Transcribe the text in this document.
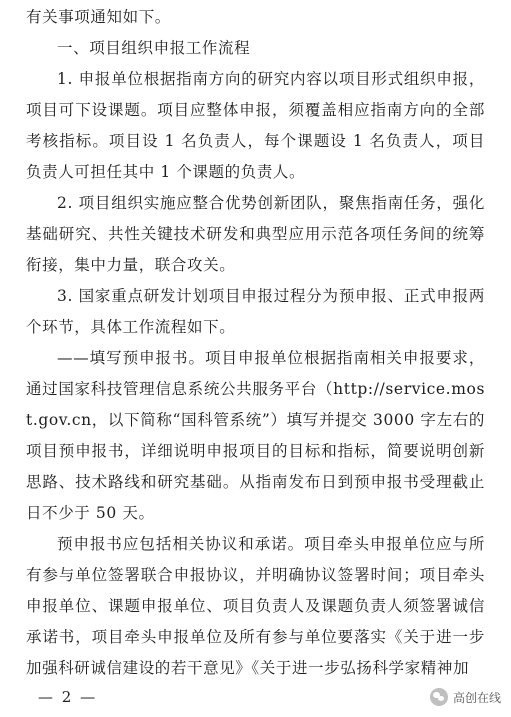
有关事项通知如下。

一、项目组织申报工作流程

1. 申报单位根据指南方向的研究内容以项目形式组织申报，项目可下设课题。项目应整体申报，须覆盖相应指南方向的全部考核指标。项目设 1 名负责人，每个课题设 1 名负责人，项目负责人可担任其中 1 个课题的负责人。

2. 项目组织实施应整合优势创新团队，聚焦指南任务，强化基础研究、共性关键技术研发和典型应用示范各项任务间的统筹衔接，集中力量，联合攻关。

3. 国家重点研发计划项目申报过程分为预申报、正式申报两个环节，具体工作流程如下。

——填写预申报书。项目申报单位根据指南相关申报要求，通过国家科技管理信息系统公共服务平台（http://service.most.gov.cn，以下简称“国科管系统”）填写并提交 3000 字左右的项目预申报书，详细说明申报项目的目标和指标，简要说明创新思路、技术路线和研究基础。从指南发布日到预申报书受理截止日不少于 50 天。

预申报书应包括相关协议和承诺。项目牵头申报单位应与所有参与单位签署联合申报协议，并明确协议签署时间；项目牵头申报单位、课题申报单位、项目负责人及课题负责人须签署诚信承诺书，项目牵头申报单位及所有参与单位要落实《关于进一步加强科研诚信建设的若干意见》《关于进一步弘扬科学家精神加

— 2 —	高创在线
